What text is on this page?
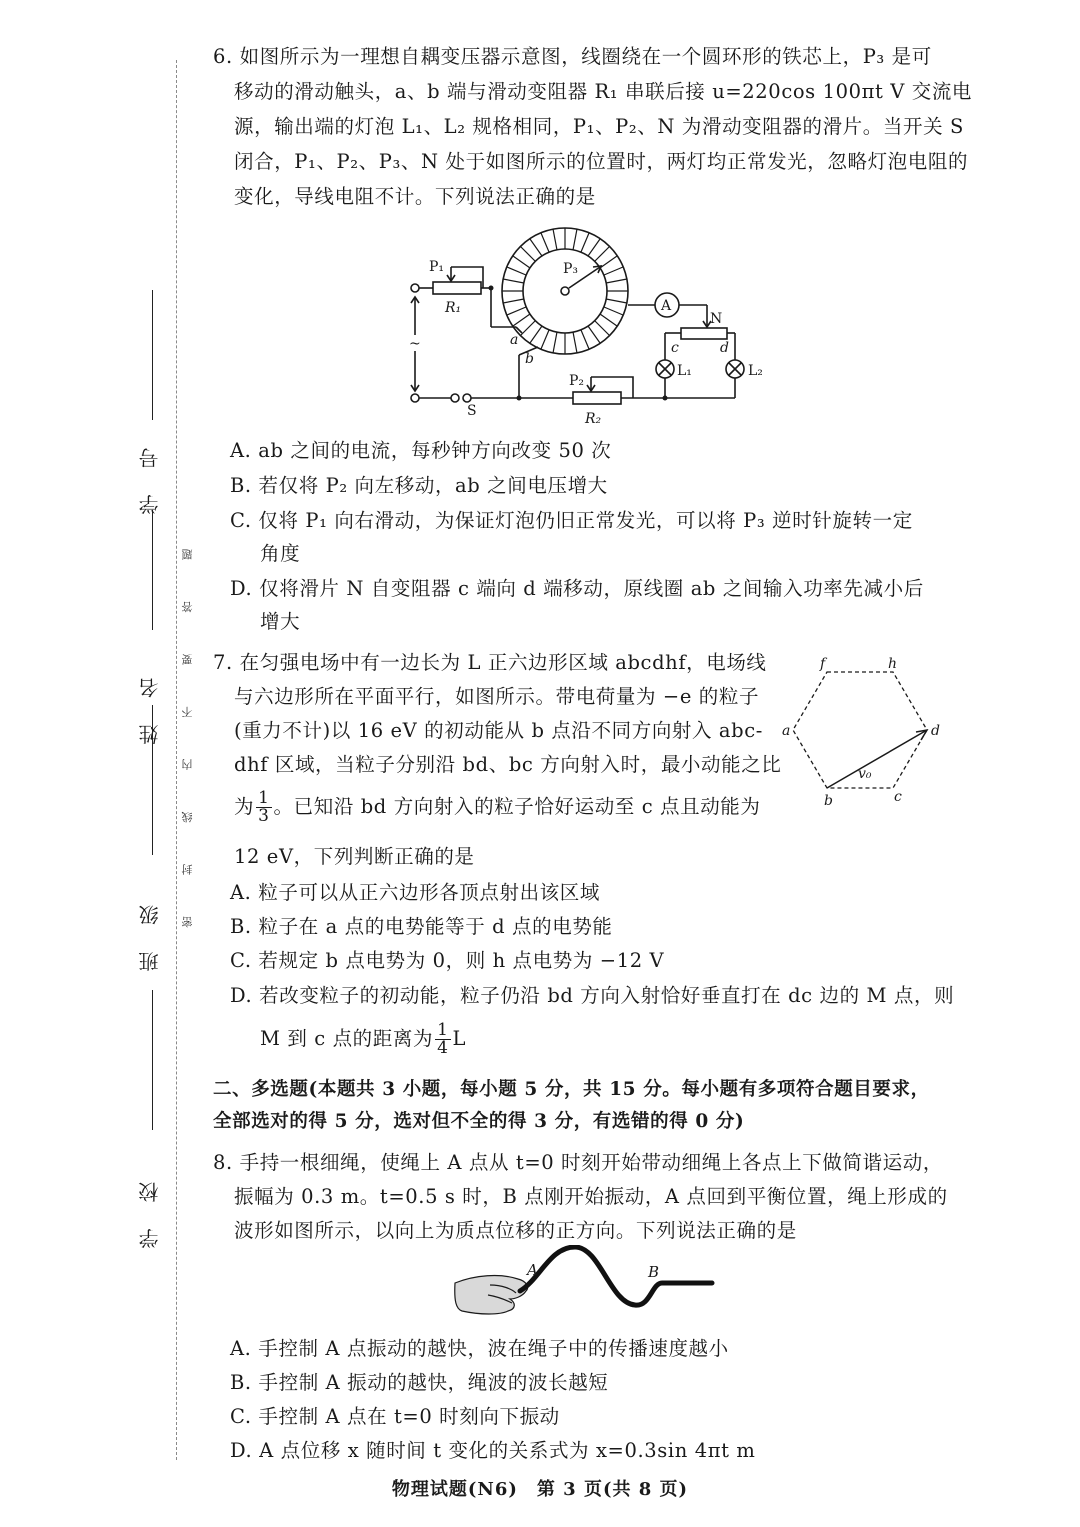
学 号
姓 名
班 级
学 校
密 封 线 内 不 要 答 题
6. 如图所示为一理想自耦变压器示意图，线圈绕在一个圆环形的铁芯上，P₃ 是可
移动的滑动触头，a、b 端与滑动变阻器 R₁ 串联后接 u=220cos 100πt V 交流电
源，输出端的灯泡 L₁、L₂ 规格相同，P₁、P₂、N 为滑动变阻器的滑片。当开关 S
闭合，P₁、P₂、P₃、N 处于如图所示的位置时，两灯均正常发光，忽略灯泡电阻的
变化，导线电阻不计。下列说法正确的是
P₁
R₁
P₃
a
b
A
N
c	d
L₁	L₂
P₂
R₂
S
~
A. ab 之间的电流，每秒钟方向改变 50 次
B. 若仅将 P₂ 向左移动，ab 之间电压增大
C. 仅将 P₁ 向右滑动，为保证灯泡仍旧正常发光，可以将 P₃ 逆时针旋转一定
角度
D. 仅将滑片 N 自变阻器 c 端向 d 端移动，原线圈 ab 之间输入功率先减小后
增大
7. 在匀强电场中有一边长为 L 正六边形区域 abcdhf，电场线
与六边形所在平面平行，如图所示。带电荷量为 −e 的粒子
(重力不计)以 16 eV 的初动能从 b 点沿不同方向射入 abc-
dhf 区域，当粒子分别沿 bd、bc 方向射入时，最小动能之比
为 $\frac{1}{3}$ 。已知沿 bd 方向射入的粒子恰好运动至 c 点且动能为
12 eV，下列判断正确的是
f	h
a	d
b	c
v₀
A. 粒子可以从正六边形各顶点射出该区域
B. 粒子在 a 点的电势能等于 d 点的电势能
C. 若规定 b 点电势为 0，则 h 点电势为 −12 V
D. 若改变粒子的初动能，粒子仍沿 bd 方向入射恰好垂直打在 dc 边的 M 点，则
M 到 c 点的距离为 $\frac{1}{4}$ L
二、多选题(本题共 3 小题，每小题 5 分，共 15 分。每小题有多项符合题目要求，
全部选对的得 5 分，选对但不全的得 3 分，有选错的得 0 分)
8. 手持一根细绳，使绳上 A 点从 t=0 时刻开始带动细绳上各点上下做简谐运动，
振幅为 0.3 m。t=0.5 s 时，B 点刚开始振动，A 点回到平衡位置，绳上形成的
波形如图所示，以向上为质点位移的正方向。下列说法正确的是
A	B
A. 手控制 A 点振动的越快，波在绳子中的传播速度越小
B. 手控制 A 振动的越快，绳波的波长越短
C. 手控制 A 点在 t=0 时刻向下振动
D. A 点位移 x 随时间 t 变化的关系式为 x=0.3sin 4πt m
物理试题(N6)　第 3 页(共 8 页)
